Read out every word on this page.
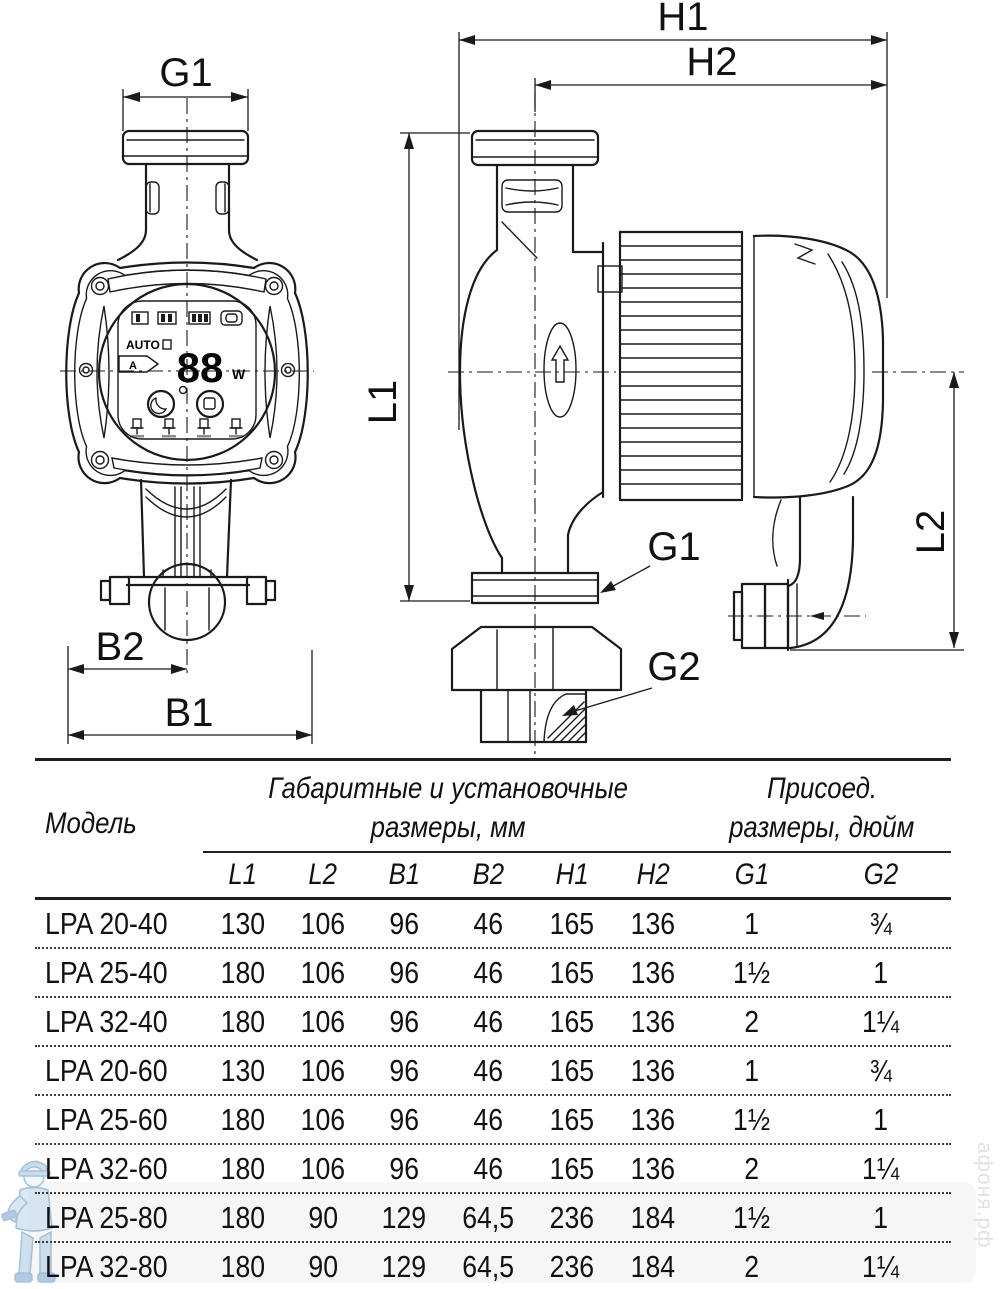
G1
AUTO
A 88 W
B2
B1
H1
H2
L1
L2
G1
G2
афоня.рф
Модель
Габаритные и установочные
размеры, мм
Присоед.
размеры, дюйм
L1	L2	B1	B2	H1	H2	G1	G2
LPA 20-40	130	106	96	46	165	136	1	¾
LPA 25-40	180	106	96	46	165	136	1½	1
LPA 32-40	180	106	96	46	165	136	2	1¼
LPA 20-60	130	106	96	46	165	136	1	¾
LPA 25-60	180	106	96	46	165	136	1½	1
LPA 32-60	180	106	96	46	165	136	2	1¼
LPA 25-80	180	90	129	64,5	236	184	1½	1
LPA 32-80	180	90	129	64,5	236	184	2	1¼
